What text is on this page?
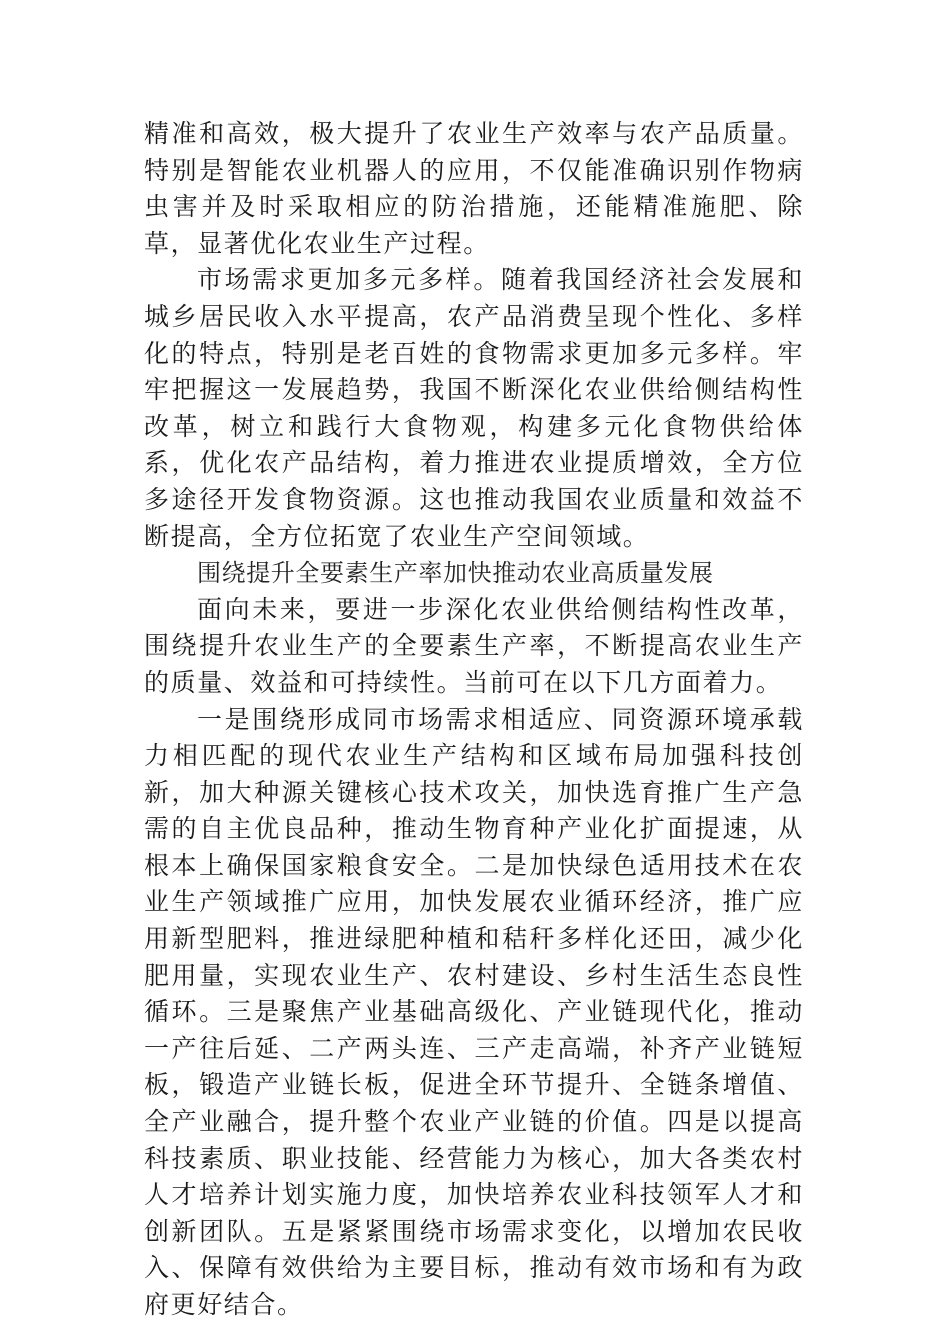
精准和高效，极大提升了农业生产效率与农产品质量。特别是智能农业机器人的应用，不仅能准确识别作物病虫害并及时采取相应的防治措施，还能精准施肥、除草，显著优化农业生产过程。

市场需求更加多元多样。随着我国经济社会发展和城乡居民收入水平提高，农产品消费呈现个性化、多样化的特点，特别是老百姓的食物需求更加多元多样。牢牢把握这一发展趋势，我国不断深化农业供给侧结构性改革，树立和践行大食物观，构建多元化食物供给体系，优化农产品结构，着力推进农业提质增效，全方位多途径开发食物资源。这也推动我国农业质量和效益不断提高，全方位拓宽了农业生产空间领域。

围绕提升全要素生产率加快推动农业高质量发展

面向未来，要进一步深化农业供给侧结构性改革，围绕提升农业生产的全要素生产率，不断提高农业生产的质量、效益和可持续性。当前可在以下几方面着力。

一是围绕形成同市场需求相适应、同资源环境承载力相匹配的现代农业生产结构和区域布局加强科技创新，加大种源关键核心技术攻关，加快选育推广生产急需的自主优良品种，推动生物育种产业化扩面提速，从根本上确保国家粮食安全。二是加快绿色适用技术在农业生产领域推广应用，加快发展农业循环经济，推广应用新型肥料，推进绿肥种植和秸秆多样化还田，减少化肥用量，实现农业生产、农村建设、乡村生活生态良性循环。三是聚焦产业基础高级化、产业链现代化，推动一产往后延、二产两头连、三产走高端，补齐产业链短板，锻造产业链长板，促进全环节提升、全链条增值、全产业融合，提升整个农业产业链的价值。四是以提高科技素质、职业技能、经营能力为核心，加大各类农村人才培养计划实施力度，加快培养农业科技领军人才和创新团队。五是紧紧围绕市场需求变化，以增加农民收入、保障有效供给为主要目标，推动有效市场和有为政府更好结合。
